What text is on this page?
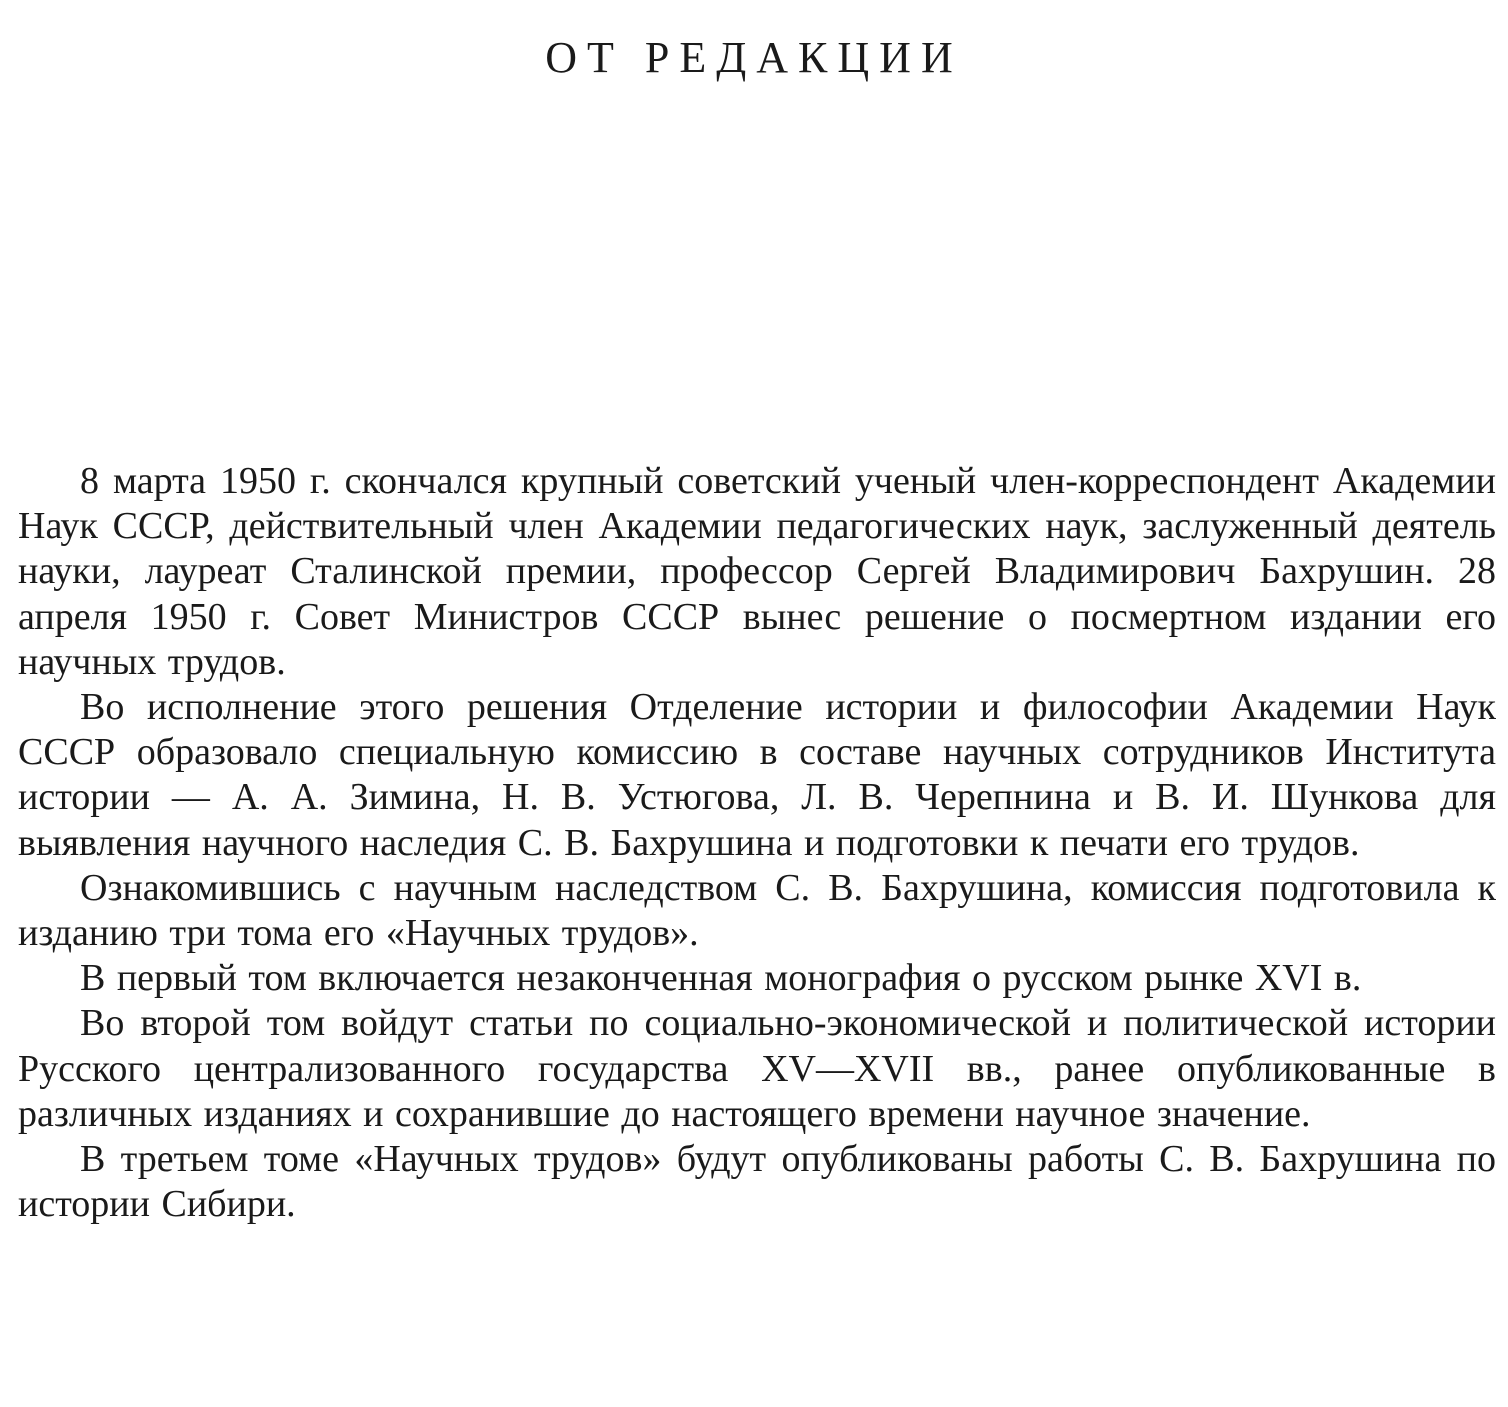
ОТ РЕДАКЦИИ

8 марта 1950 г. скончался крупный советский ученый член-корреспондент Академии Наук СССР, действительный член Академии педагогических наук, заслуженный деятель науки, лауреат Сталинской премии, профессор Сергей Владимирович Бахрушин. 28 апреля 1950 г. Совет Министров СССР вынес решение о посмертном издании его научных трудов.

Во исполнение этого решения Отделение истории и философии Академии Наук СССР образовало специальную комиссию в составе научных сотрудников Института истории — А. А. Зимина, Н. В. Устюгова, Л. В. Черепнина и В. И. Шункова для выявления научного наследия С. В. Бахрушина и подготовки к печати его трудов.

Ознакомившись с научным наследством С. В. Бахрушина, комиссия подготовила к изданию три тома его «Научных трудов».

В первый том включается незаконченная монография о русском рынке XVI в.

Во второй том войдут статьи по социально-экономической и политической истории Русского централизованного государства XV—XVII вв., ранее опубликованные в различных изданиях и сохранившие до настоящего времени научное значение.

В третьем томе «Научных трудов» будут опубликованы работы С. В. Бахрушина по истории Сибири.
